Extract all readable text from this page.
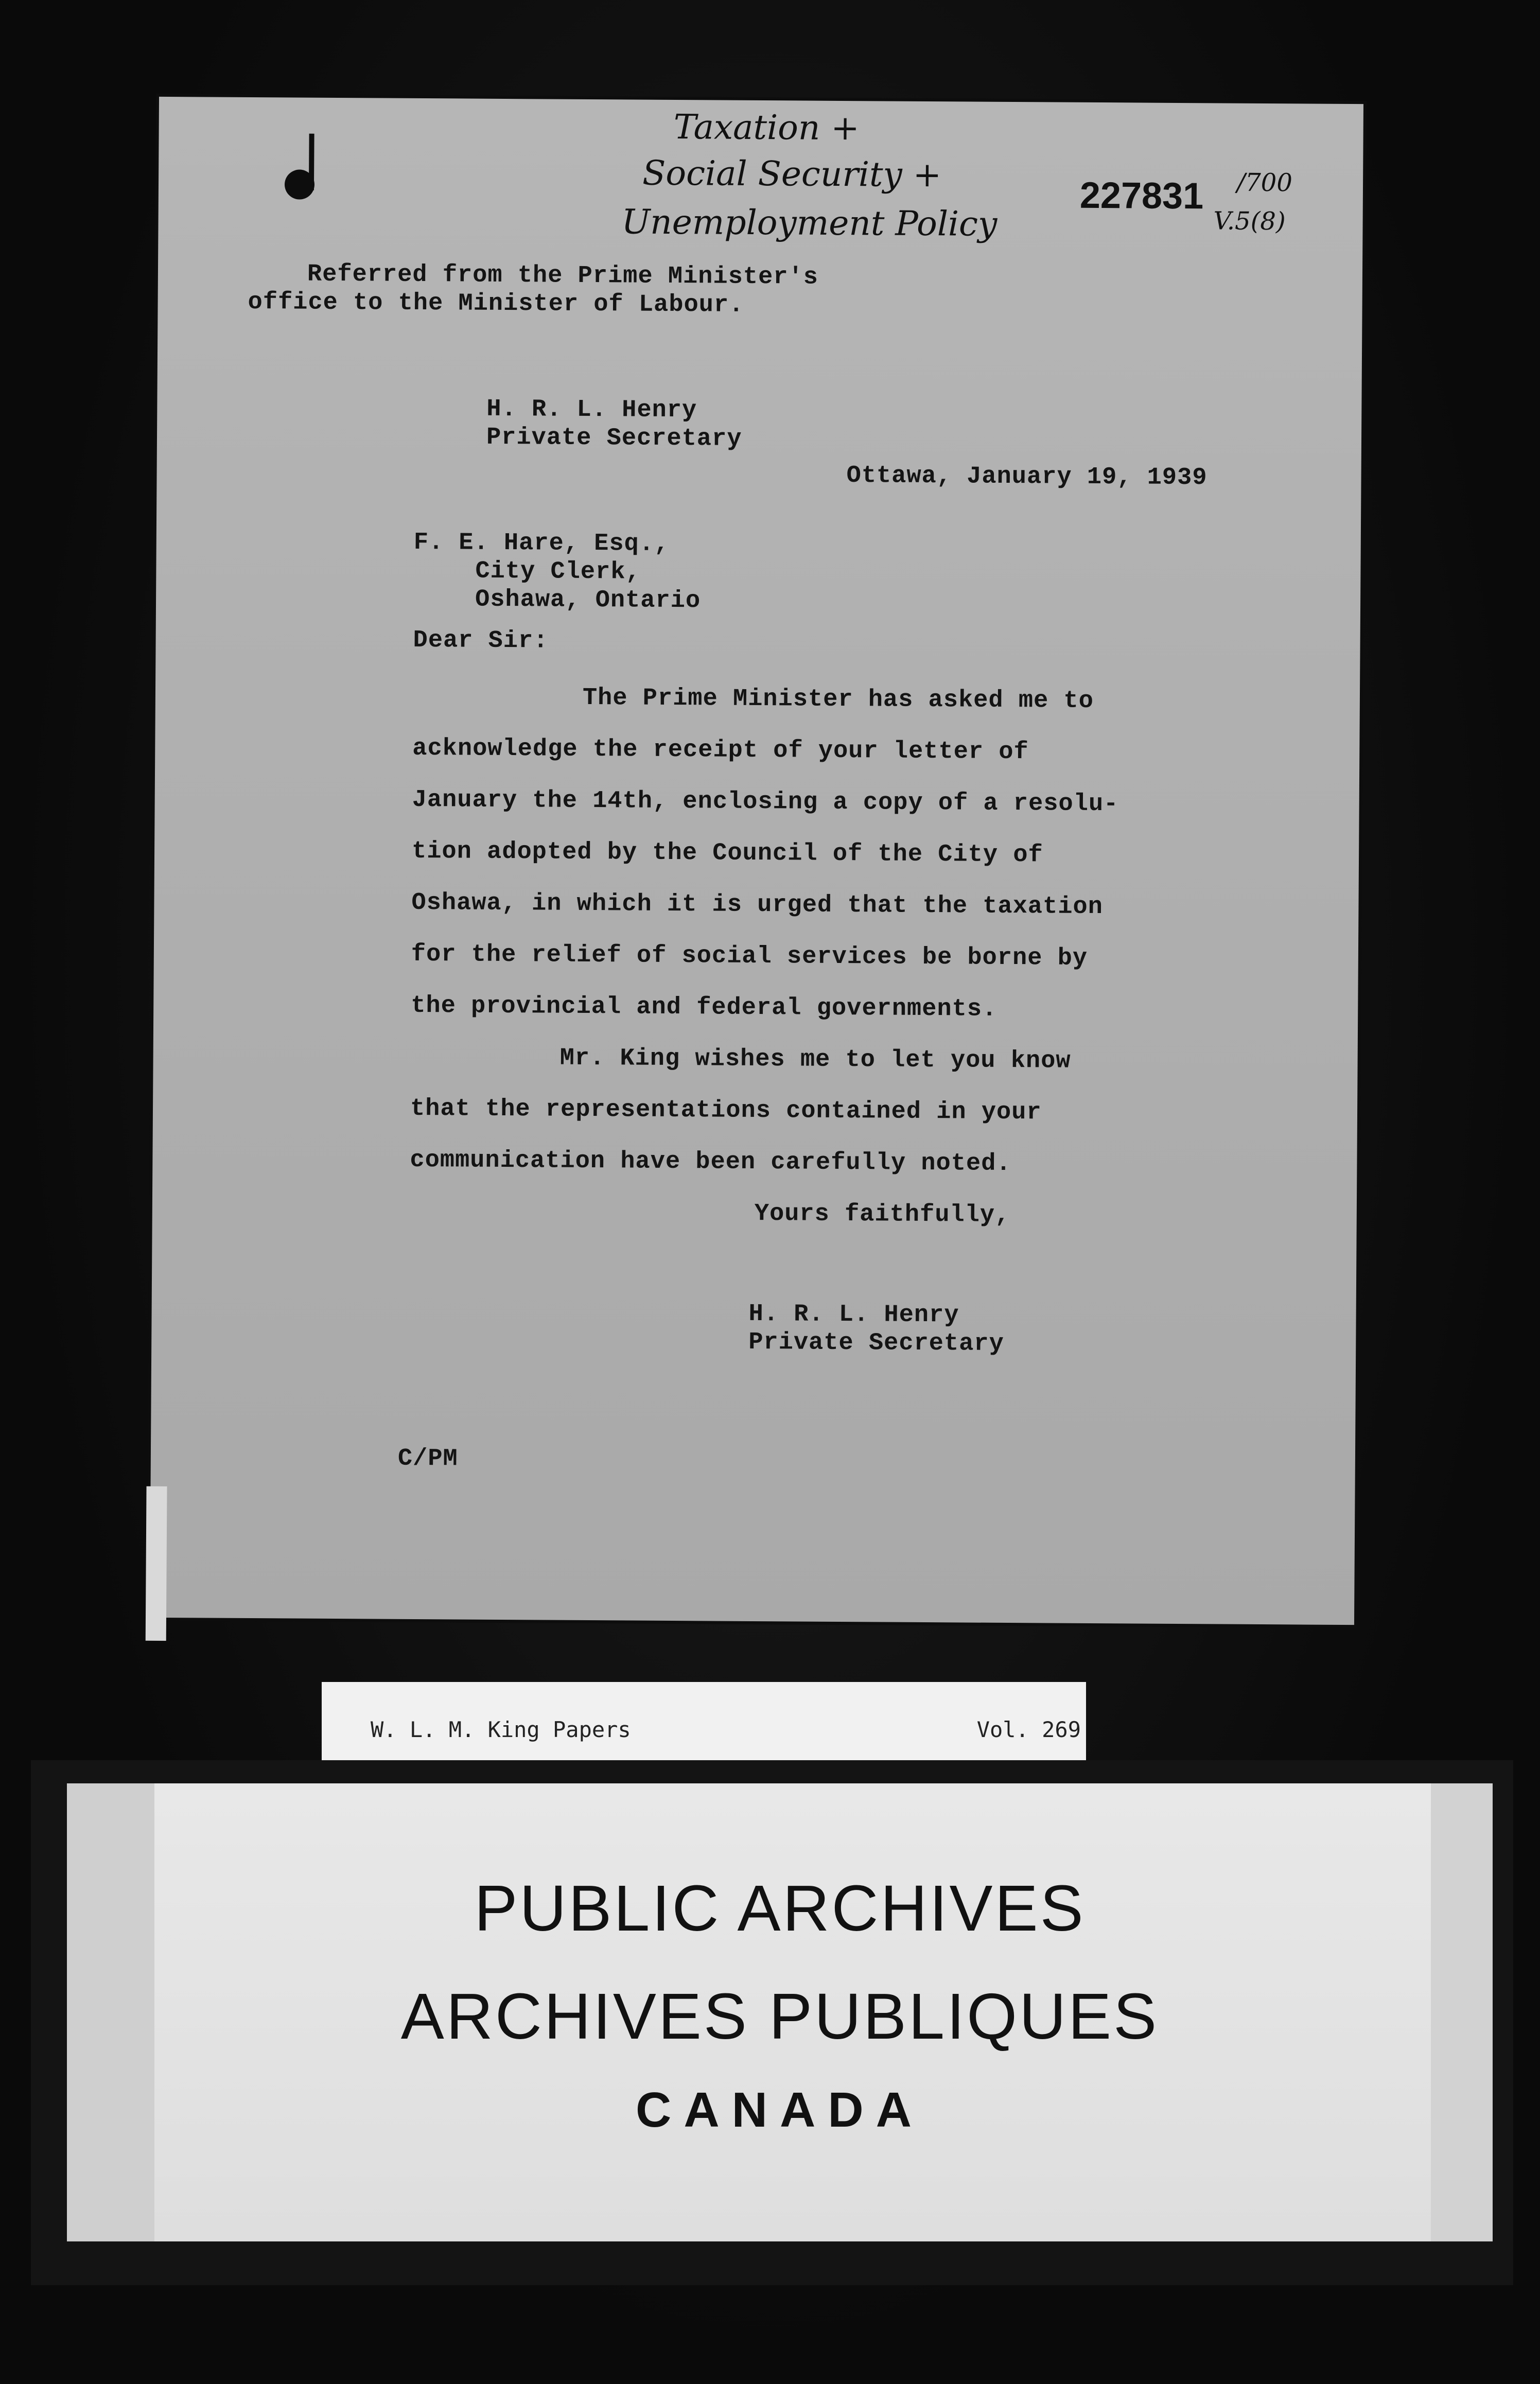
Taxation +
Social Security +
Unemployment Policy
227831 /700
V.5(8)
Referred from the Prime Minister's
office to the Minister of Labour.
H. R. L. Henry
Private Secretary
Ottawa, January 19, 1939
F. E. Hare, Esq.,
City Clerk,
Oshawa, Ontario
Dear Sir:
The Prime Minister has asked me to
acknowledge the receipt of your letter of
January the 14th, enclosing a copy of a resolu-
tion adopted by the Council of the City of
Oshawa, in which it is urged that the taxation
for the relief of social services be borne by
the provincial and federal governments.
Mr. King wishes me to let you know
that the representations contained in your
communication have been carefully noted.
Yours faithfully,
H. R. L. Henry
Private Secretary
C/PM
W. L. M. King Papers	Vol. 269
PUBLIC ARCHIVES
ARCHIVES PUBLIQUES
CANADA
